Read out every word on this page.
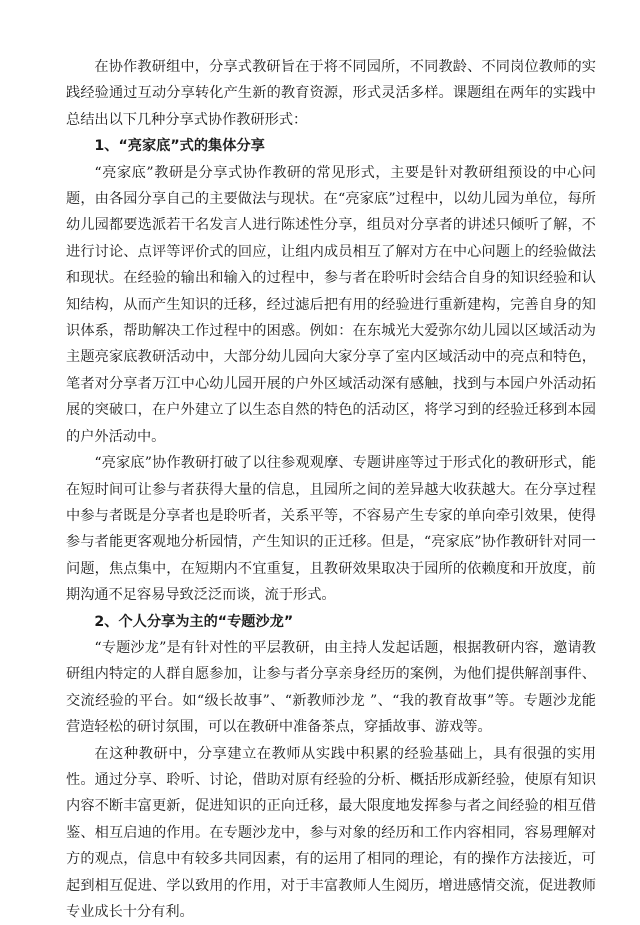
在协作教研组中，分享式教研旨在于将不同园所，不同教龄、不同岗位教师的实践经验通过互动分享转化产生新的教育资源，形式灵活多样。课题组在两年的实践中总结出以下几种分享式协作教研形式：

1、“亮家底”式的集体分享

“亮家底”教研是分享式协作教研的常见形式，主要是针对教研组预设的中心问题，由各园分享自己的主要做法与现状。在“亮家底”过程中，以幼儿园为单位，每所幼儿园都要选派若干名发言人进行陈述性分享，组员对分享者的讲述只倾听了解，不进行讨论、点评等评价式的回应，让组内成员相互了解对方在中心问题上的经验做法和现状。在经验的输出和输入的过程中，参与者在聆听时会结合自身的知识经验和认知结构，从而产生知识的迁移，经过滤后把有用的经验进行重新建构，完善自身的知识体系，帮助解决工作过程中的困惑。例如：在东城光大爱弥尔幼儿园以区域活动为主题亮家底教研活动中，大部分幼儿园向大家分享了室内区域活动中的亮点和特色，笔者对分享者万江中心幼儿园开展的户外区域活动深有感触，找到与本园户外活动拓展的突破口，在户外建立了以生态自然的特色的活动区，将学习到的经验迁移到本园的户外活动中。

“亮家底”协作教研打破了以往参观观摩、专题讲座等过于形式化的教研形式，能在短时间可让参与者获得大量的信息，且园所之间的差异越大收获越大。在分享过程中参与者既是分享者也是聆听者，关系平等，不容易产生专家的单向牵引效果，使得参与者能更客观地分析园情，产生知识的正迁移。但是，“亮家底”协作教研针对同一问题，焦点集中，在短期内不宜重复，且教研效果取决于园所的依赖度和开放度，前期沟通不足容易导致泛泛而谈，流于形式。

2、个人分享为主的“专题沙龙”

“专题沙龙”是有针对性的平层教研，由主持人发起话题，根据教研内容，邀请教研组内特定的人群自愿参加，让参与者分享亲身经历的案例，为他们提供解剖事件、交流经验的平台。如“级长故事”、“新教师沙龙 ”、“我的教育故事”等。专题沙龙能营造轻松的研讨氛围，可以在教研中准备茶点，穿插故事、游戏等。

在这种教研中，分享建立在教师从实践中积累的经验基础上，具有很强的实用性。通过分享、聆听、讨论，借助对原有经验的分析、概括形成新经验，使原有知识内容不断丰富更新，促进知识的正向迁移，最大限度地发挥参与者之间经验的相互借鉴、相互启迪的作用。在专题沙龙中，参与对象的经历和工作内容相同，容易理解对方的观点，信息中有较多共同因素，有的运用了相同的理论，有的操作方法接近，可起到相互促进、学以致用的作用，对于丰富教师人生阅历，增进感情交流，促进教师专业成长十分有利。
